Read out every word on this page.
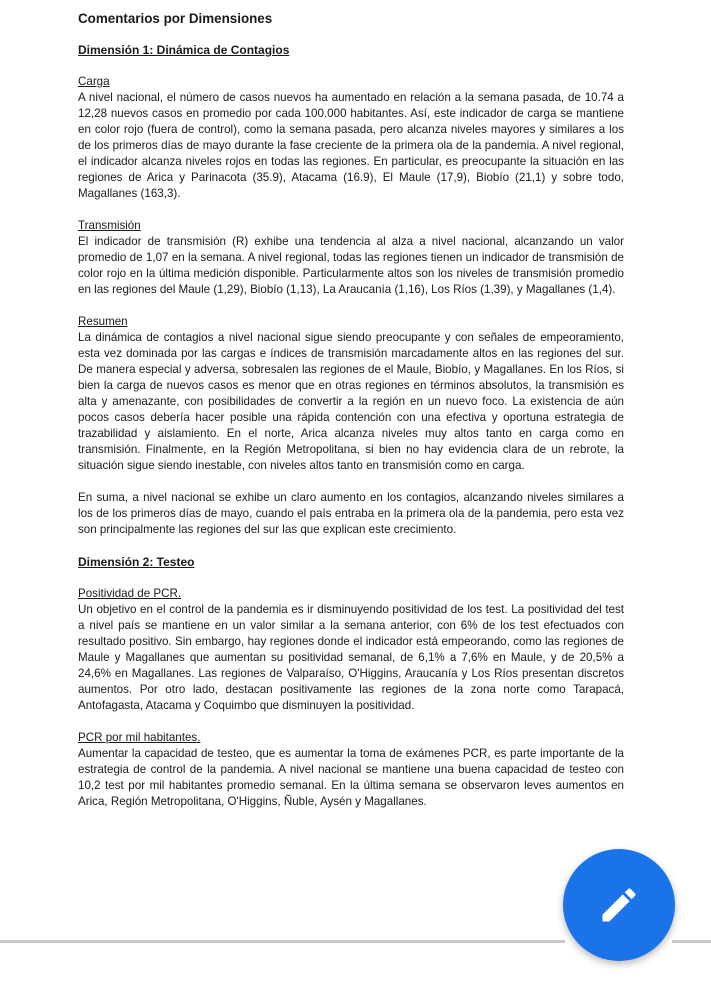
Comentarios por Dimensiones
Dimensión 1: Dinámica de Contagios
Carga

A nivel nacional, el número de casos nuevos ha aumentado en relación a la semana pasada, de 10.74 a 12,28 nuevos casos en promedio por cada 100.000 habitantes. Así, este indicador de carga se mantiene en color rojo (fuera de control), como la semana pasada, pero alcanza niveles mayores y similares a los de los primeros días de mayo durante la fase creciente de la primera ola de la pandemia. A nivel regional, el indicador alcanza niveles rojos en todas las regiones. En particular, es preocupante la situación en las regiones de Arica y Parinacota (35.9), Atacama (16.9), El Maule (17,9), Biobío (21,1) y sobre todo, Magallanes (163,3).

Transmisión

El indicador de transmisión (R) exhibe una tendencia al alza a nivel nacional, alcanzando un valor promedio de 1,07 en la semana. A nivel regional, todas las regiones tienen un indicador de transmisión de color rojo en la última medición disponible. Particularmente altos son los niveles de transmisión promedio en las regiones del Maule (1,29), Biobío (1,13), La Araucanía (1,16), Los Ríos (1,39), y Magallanes (1,4).

Resumen

La dinámica de contagios a nivel nacional sigue siendo preocupante y con señales de empeoramiento, esta vez dominada por las cargas e índices de transmisión marcadamente altos en las regiones del sur. De manera especial y adversa, sobresalen las regiones de el Maule, Biobío, y Magallanes. En los Ríos, si bien la carga de nuevos casos es menor que en otras regiones en términos absolutos, la transmisión es alta y amenazante, con posibilidades de convertir a la región en un nuevo foco. La existencia de aún pocos casos debería hacer posible una rápida contención con una efectiva y oportuna estrategia de trazabilidad y aislamiento. En el norte, Arica alcanza niveles muy altos tanto en carga como en transmisión. Finalmente, en la Región Metropolitana, si bien no hay evidencia clara de un rebrote, la situación sigue siendo inestable, con niveles altos tanto en transmisión como en carga.

En suma, a nivel nacional se exhibe un claro aumento en los contagios, alcanzando niveles similares a los de los primeros días de mayo, cuando el país entraba en la primera ola de la pandemia, pero esta vez son principalmente las regiones del sur las que explican este crecimiento.

Dimensión 2: Testeo
Positividad de PCR.

Un objetivo en el control de la pandemia es ir disminuyendo positividad de los test. La positividad del test a nivel país se mantiene en un valor similar a la semana anterior, con 6% de los test efectuados con resultado positivo. Sin embargo, hay regiones donde el indicador está empeorando, como las regiones de Maule y Magallanes que aumentan su positividad semanal, de 6,1% a 7,6% en Maule, y de 20,5% a 24,6% en Magallanes. Las regiones de Valparaíso, O'Higgins, Araucanía y Los Ríos presentan discretos aumentos. Por otro lado, destacan positivamente las regiones de la zona norte como Tarapacá, Antofagasta, Atacama y Coquimbo que disminuyen la positividad.

PCR por mil habitantes.

Aumentar la capacidad de testeo, que es aumentar la toma de exámenes PCR, es parte importante de la estrategia de control de la pandemia. A nivel nacional se mantiene una buena capacidad de testeo con 10,2 test por mil habitantes promedio semanal. En la última semana se observaron leves aumentos en Arica, Región Metropolitana, O'Higgins, Ñuble, Aysén y Magallanes.
